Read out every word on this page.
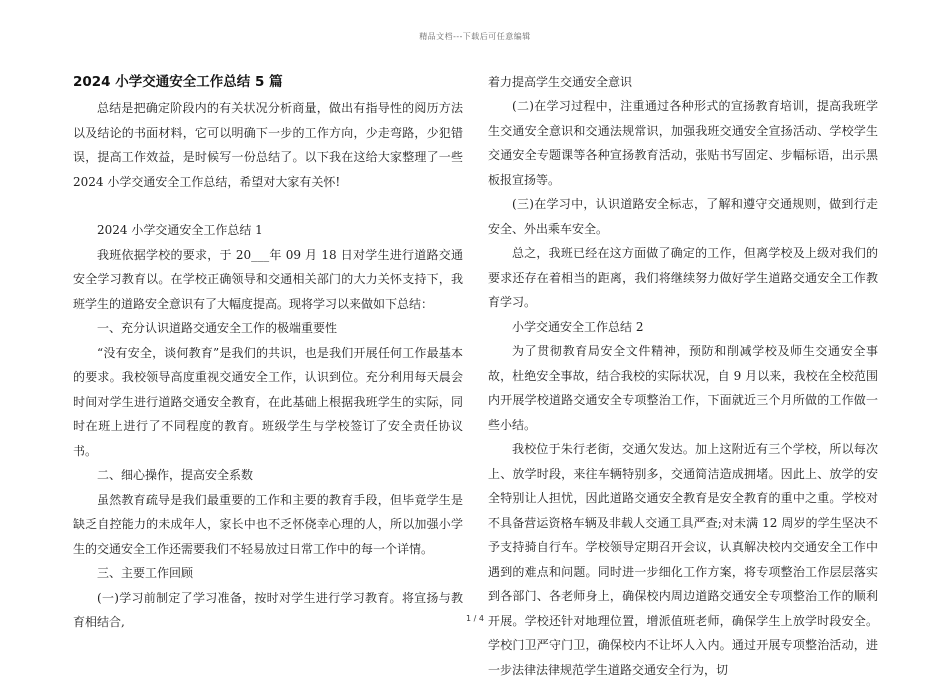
精品文档---下载后可任意编辑
2024 小学交通安全工作总结 5 篇

总结是把确定阶段内的有关状况分析商量，做出有指导性的阅历方法以及结论的书面材料，它可以明确下一步的工作方向，少走弯路，少犯错误，提高工作效益，是时候写一份总结了。以下我在这给大家整理了一些 2024 小学交通安全工作总结，希望对大家有关怀!

2024 小学交通安全工作总结 1

我班依据学校的要求，于 20___年 09 月 18 日对学生进行道路交通安全学习教育以。在学校正确领导和交通相关部门的大力关怀支持下，我班学生的道路安全意识有了大幅度提高。现将学习以来做如下总结：

一、充分认识道路交通安全工作的极端重要性

“没有安全，谈何教育”是我们的共识，也是我们开展任何工作最基本的要求。我校领导高度重视交通安全工作，认识到位。充分利用每天晨会时间对学生进行道路交通安全教育，在此基础上根据我班学生的实际，同时在班上进行了不同程度的教育。班级学生与学校签订了安全责任协议书。

二、细心操作，提高安全系数

虽然教育疏导是我们最重要的工作和主要的教育手段，但毕竟学生是缺乏自控能力的未成年人，家长中也不乏怀侥幸心理的人，所以加强小学生的交通安全工作还需要我们不轻易放过日常工作中的每一个详情。

三、主要工作回顾

(一)学习前制定了学习准备，按时对学生进行学习教育。将宣扬与教育相结合,

着力提高学生交通安全意识

(二)在学习过程中，注重通过各种形式的宣扬教育培训，提高我班学生交通安全意识和交通法规常识，加强我班交通安全宣扬活动、学校学生交通安全专题课等各种宣扬教育活动，张贴书写固定、步幅标语，出示黑板报宣扬等。

(三)在学习中，认识道路安全标志，了解和遵守交通规则，做到行走安全、外出乘车安全。

总之，我班已经在这方面做了确定的工作，但离学校及上级对我们的要求还存在着相当的距离，我们将继续努力做好学生道路交通安全工作教育学习。

小学交通安全工作总结 2

为了贯彻教育局安全文件精神，预防和削减学校及师生交通安全事故，杜绝安全事故，结合我校的实际状况，自 9 月以来，我校在全校范围内开展学校道路交通安全专项整治工作，下面就近三个月所做的工作做一些小结。

我校位于朱行老街，交通欠发达。加上这附近有三个学校，所以每次上、放学时段，来往车辆特别多，交通简洁造成拥堵。因此上、放学的安全特别让人担忧，因此道路交通安全教育是安全教育的重中之重。学校对不具备营运资格车辆及非载人交通工具严查;对未满 12 周岁的学生坚决不予支持骑自行车。学校领导定期召开会议，认真解决校内交通安全工作中遇到的难点和问题。同时进一步细化工作方案，将专项整治工作层层落实到各部门、各老师身上，确保校内周边道路交通安全专项整治工作的顺利开展。学校还针对地理位置，增派值班老师，确保学生上放学时段安全。学校门卫严守门卫，确保校内不让坏人入内。通过开展专项整治活动，进一步法律法律规范学生道路交通安全行为，切

1 / 4
